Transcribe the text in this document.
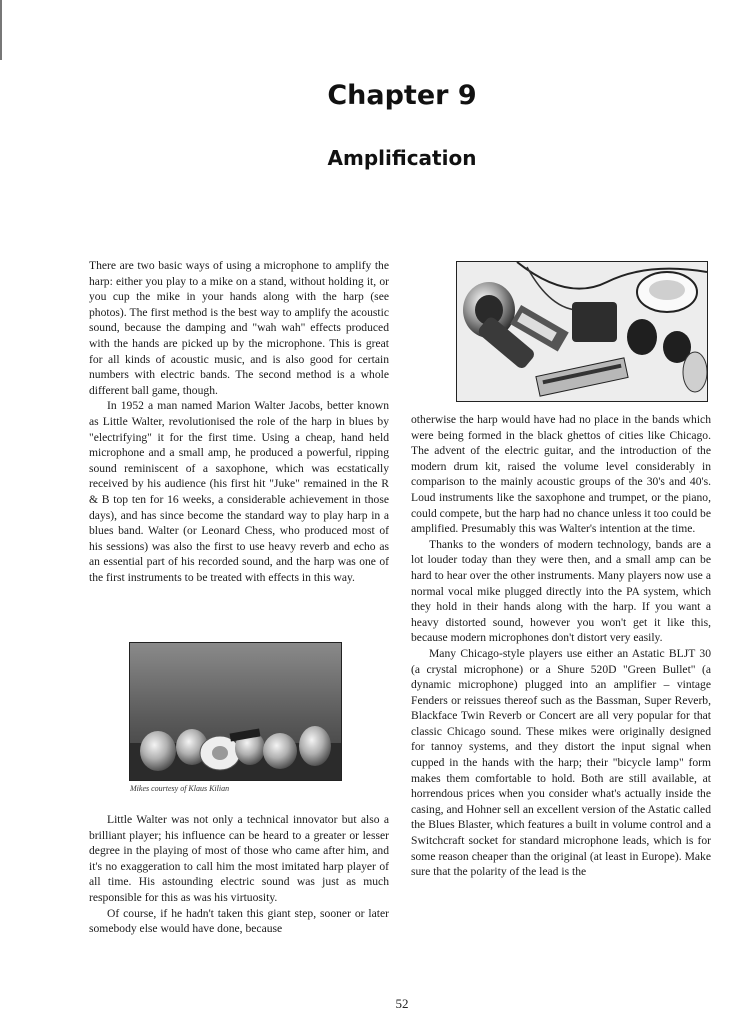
Chapter 9
Amplification

There are two basic ways of using a microphone to amplify the harp: either you play to a mike on a stand, without holding it, or you cup the mike in your hands along with the harp (see photos). The first method is the best way to amplify the acoustic sound, because the damping and "wah wah" effects produced with the hands are picked up by the microphone. This is great for all kinds of acoustic music, and is also good for certain numbers with electric bands. The second method is a whole different ball game, though.

In 1952 a man named Marion Walter Jacobs, better known as Little Walter, revolutionised the role of the harp in blues by "electrifying" it for the first time. Using a cheap, hand held microphone and a small amp, he produced a powerful, ripping sound reminiscent of a saxophone, which was ecstatically received by his audience (his first hit "Juke" remained in the R & B top ten for 16 weeks, a considerable achievement in those days), and has since become the standard way to play harp in a blues band. Walter (or Leonard Chess, who produced most of his sessions) was also the first to use heavy reverb and echo as an essential part of his recorded sound, and the harp was one of the first instruments to be treated with effects in this way.

Mikes courtesy of Klaus Kilian

Little Walter was not only a technical innovator but also a brilliant player; his influence can be heard to a greater or lesser degree in the playing of most of those who came after him, and it's no exaggeration to call him the most imitated harp player of all time. His astounding electric sound was just as much responsible for this as was his virtuosity.

Of course, if he hadn't taken this giant step, sooner or later somebody else would have done, because

otherwise the harp would have had no place in the bands which were being formed in the black ghettos of cities like Chicago. The advent of the electric guitar, and the introduction of the modern drum kit, raised the volume level considerably in comparison to the mainly acoustic groups of the 30's and 40's. Loud instruments like the saxophone and trumpet, or the piano, could compete, but the harp had no chance unless it too could be amplified. Presumably this was Walter's intention at the time.

Thanks to the wonders of modern technology, bands are a lot louder today than they were then, and a small amp can be hard to hear over the other instruments. Many players now use a normal vocal mike plugged directly into the PA system, which they hold in their hands along with the harp. If you want a heavy distorted sound, however you won't get it like this, because modern microphones don't distort very easily.

Many Chicago-style players use either an Astatic BLJT 30 (a crystal microphone) or a Shure 520D "Green Bullet" (a dynamic microphone) plugged into an amplifier – vintage Fenders or reissues thereof such as the Bassman, Super Reverb, Blackface Twin Reverb or Concert are all very popular for that classic Chicago sound. These mikes were originally designed for tannoy systems, and they distort the input signal when cupped in the hands with the harp; their "bicycle lamp" form makes them comfortable to hold. Both are still available, at horrendous prices when you consider what's actually inside the casing, and Hohner sell an excellent version of the Astatic called the Blues Blaster, which features a built in volume control and a Switchcraft socket for standard microphone leads, which is for some reason cheaper than the original (at least in Europe). Make sure that the polarity of the lead is the

52
